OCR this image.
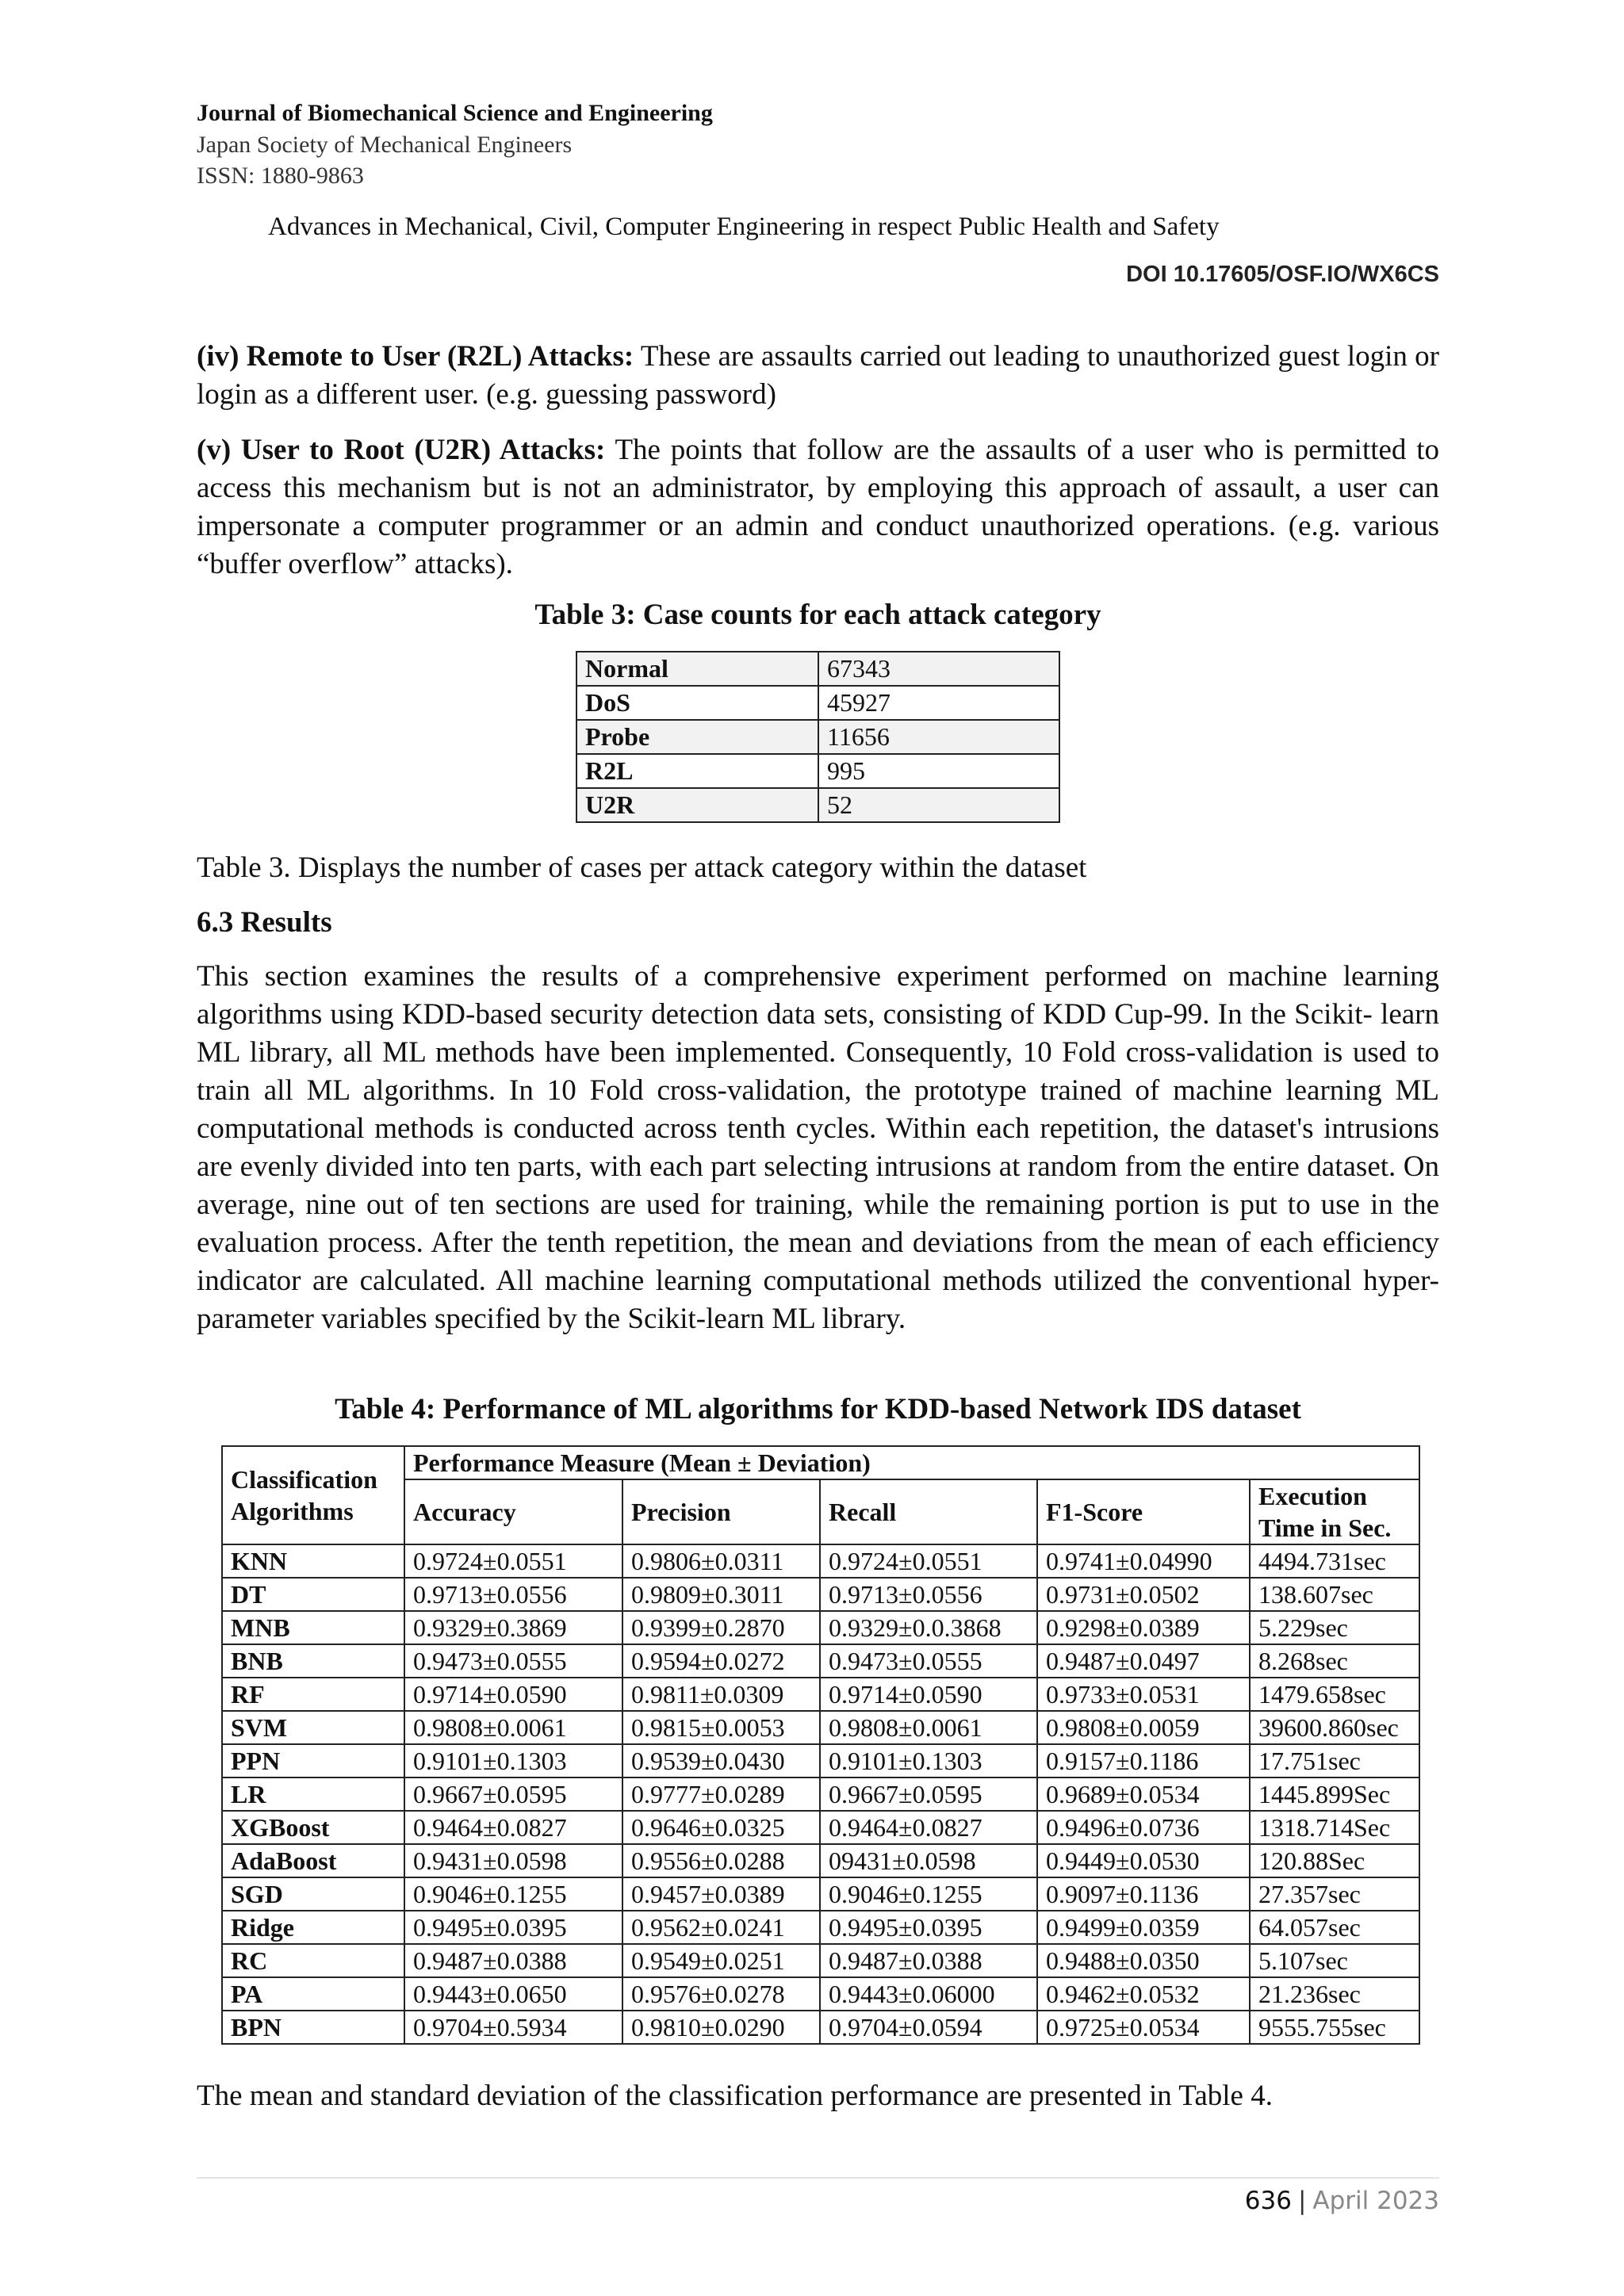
Journal of Biomechanical Science and Engineering
Japan Society of Mechanical Engineers
ISSN: 1880-9863
Advances in Mechanical, Civil, Computer Engineering in respect Public Health and Safety
DOI 10.17605/OSF.IO/WX6CS
(iv) Remote to User (R2L) Attacks: These are assaults carried out leading to unauthorized guest login or login as a different user. (e.g. guessing password)
(v) User to Root (U2R) Attacks: The points that follow are the assaults of a user who is permitted to access this mechanism but is not an administrator, by employing this approach of assault, a user can impersonate a computer programmer or an admin and conduct unauthorized operations. (e.g. various “buffer overflow” attacks).
Table 3: Case counts for each attack category
Normal	67343
DoS	45927
Probe	11656
R2L	995
U2R	52
Table 3. Displays the number of cases per attack category within the dataset
6.3 Results
This section examines the results of a comprehensive experiment performed on machine learning algorithms using KDD-based security detection data sets, consisting of KDD Cup-99. In the Scikit- learn ML library, all ML methods have been implemented. Consequently, 10 Fold cross-validation is used to train all ML algorithms. In 10 Fold cross-validation, the prototype trained of machine learning ML computational methods is conducted across tenth cycles. Within each repetition, the dataset's intrusions are evenly divided into ten parts, with each part selecting intrusions at random from the entire dataset. On average, nine out of ten sections are used for training, while the remaining portion is put to use in the evaluation process. After the tenth repetition, the mean and deviations from the mean of each efficiency indicator are calculated. All machine learning computational methods utilized the conventional hyper-parameter variables specified by the Scikit-learn ML library.
Table 4: Performance of ML algorithms for KDD-based Network IDS dataset
Classification Algorithms	Performance Measure (Mean ± Deviation)				
	Accuracy	Precision	Recall	F1-Score	Execution Time in Sec.
KNN	0.9724±0.0551	0.9806±0.0311	0.9724±0.0551	0.9741±0.04990	4494.731sec
DT	0.9713±0.0556	0.9809±0.3011	0.9713±0.0556	0.9731±0.0502	138.607sec
MNB	0.9329±0.3869	0.9399±0.2870	0.9329±0.0.3868	0.9298±0.0389	5.229sec
BNB	0.9473±0.0555	0.9594±0.0272	0.9473±0.0555	0.9487±0.0497	8.268sec
RF	0.9714±0.0590	0.9811±0.0309	0.9714±0.0590	0.9733±0.0531	1479.658sec
SVM	0.9808±0.0061	0.9815±0.0053	0.9808±0.0061	0.9808±0.0059	39600.860sec
PPN	0.9101±0.1303	0.9539±0.0430	0.9101±0.1303	0.9157±0.1186	17.751sec
LR	0.9667±0.0595	0.9777±0.0289	0.9667±0.0595	0.9689±0.0534	1445.899Sec
XGBoost	0.9464±0.0827	0.9646±0.0325	0.9464±0.0827	0.9496±0.0736	1318.714Sec
AdaBoost	0.9431±0.0598	0.9556±0.0288	09431±0.0598	0.9449±0.0530	120.88Sec
SGD	0.9046±0.1255	0.9457±0.0389	0.9046±0.1255	0.9097±0.1136	27.357sec
Ridge	0.9495±0.0395	0.9562±0.0241	0.9495±0.0395	0.9499±0.0359	64.057sec
RC	0.9487±0.0388	0.9549±0.0251	0.9487±0.0388	0.9488±0.0350	5.107sec
PA	0.9443±0.0650	0.9576±0.0278	0.9443±0.06000	0.9462±0.0532	21.236sec
BPN	0.9704±0.5934	0.9810±0.0290	0.9704±0.0594	0.9725±0.0534	9555.755sec
The mean and standard deviation of the classification performance are presented in Table 4.
636 | April 2023
